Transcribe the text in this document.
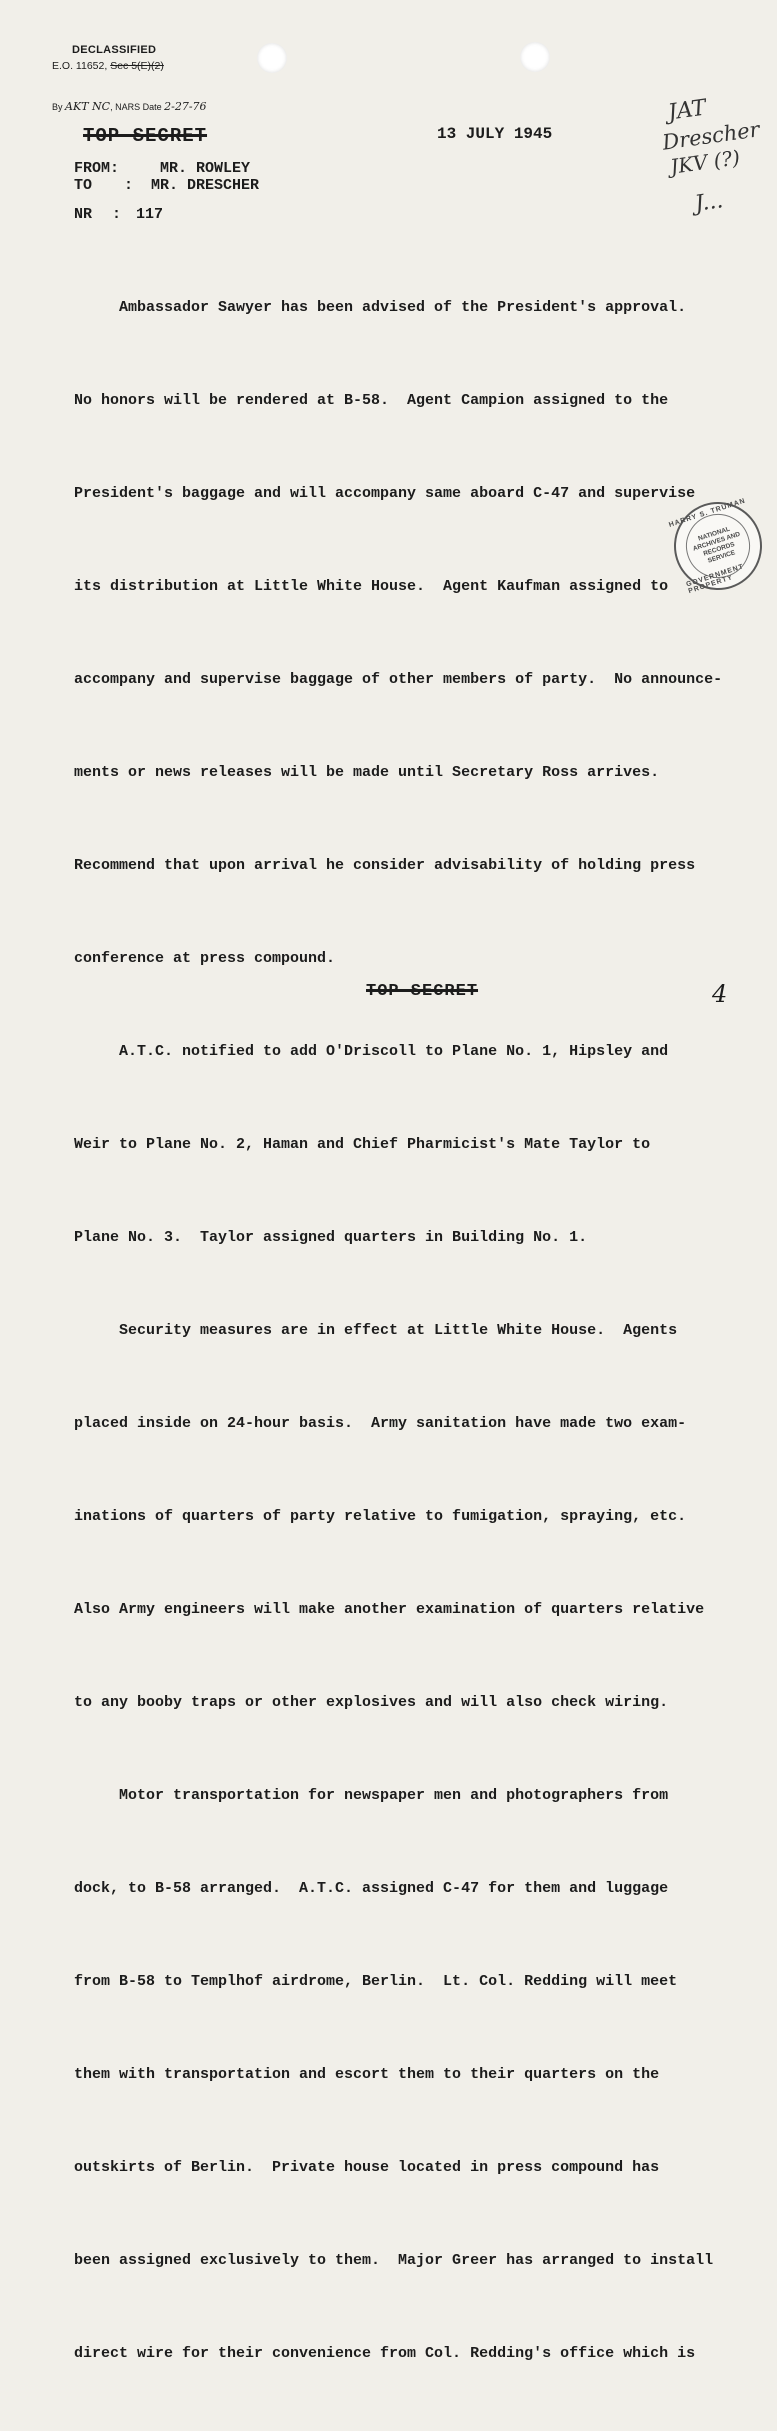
DECLASSIFIED
E.O. 11652, Sec 5(E)(2)
By AKT NC, NARS Date 2-27-76
TOP SECRET	13 JULY 1945
JAT
Drescher
JKV (?)
J...
FROM:	MR. ROWLEY
TO : MR. DRESCHER
NR : 117

Ambassador Sawyer has been advised of the President's approval.

No honors will be rendered at B-58.  Agent Campion assigned to the

President's baggage and will accompany same aboard C-47 and supervise

its distribution at Little White House.  Agent Kaufman assigned to

accompany and supervise baggage of other members of party.  No announce-

ments or news releases will be made until Secretary Ross arrives.

Recommend that upon arrival he consider advisability of holding press

conference at press compound.

A.T.C. notified to add O'Driscoll to Plane No. 1, Hipsley and

Weir to Plane No. 2, Haman and Chief Pharmicist's Mate Taylor to

Plane No. 3.  Taylor assigned quarters in Building No. 1.

Security measures are in effect at Little White House.  Agents

placed inside on 24-hour basis.  Army sanitation have made two exam-

inations of quarters of party relative to fumigation, spraying, etc.

Also Army engineers will make another examination of quarters relative

to any booby traps or other explosives and will also check wiring.

Motor transportation for newspaper men and photographers from

dock, to B-58 arranged.  A.T.C. assigned C-47 for them and luggage

from B-58 to Templhof airdrome, Berlin.  Lt. Col. Redding will meet

them with transportation and escort them to their quarters on the

outskirts of Berlin.  Private house located in press compound has

been assigned exclusively to them.  Major Greer has arranged to install

direct wire for their convenience from Col. Redding's office which is

HARRY S. TRUMAN
NATIONAL ARCHIVES AND RECORDS SERVICE
GOVERNMENT PROPERTY
TOP SECRET	4
